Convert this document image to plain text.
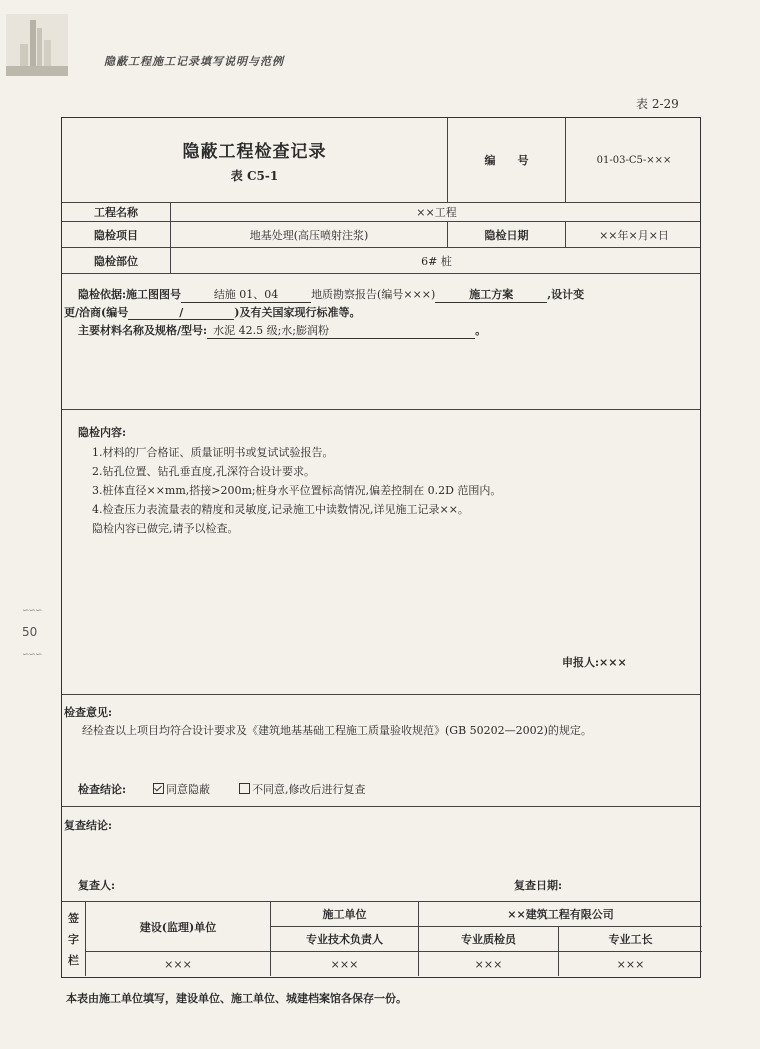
隐蔽工程施工记录填写说明与范例
表 2-29
∽∽∽
50
∽∽∽
隐蔽工程检查记录
表 C5-1
编　　号	01-03-C5-×××
工程名称	××工程
隐检项目	地基处理(高压喷射注浆)	隐检日期	××年×月×日
隐检部位	6# 桩
隐检依据:施工图图号	结施 01、04	地质勘察报告(编号×××)	施工方案	,设计变
更/洽商(编号	/	)及有关国家现行标准等。
主要材料名称及规格/型号: 水泥 42.5 级;水;膨润粉	。
隐检内容:
1.材料的厂合格证、质量证明书或复试试验报告。
2.钻孔位置、钻孔垂直度,孔深符合设计要求。
3.桩体直径××mm,搭接>200m;桩身水平位置标高情况,偏差控制在 0.2D 范围内。
4.检查压力表流量表的精度和灵敏度,记录施工中读数情况,详见施工记录××。
隐检内容已做完,请予以检查。
申报人:×××
检查意见:
经检查以上项目均符合设计要求及《建筑地基基础工程施工质量验收规范》(GB 50202—2002)的规定。
检查结论:	同意隐蔽	不同意,修改后进行复查
复查结论:
复查人:	复查日期:
签
字
栏
建设(监理)单位
施工单位	××建筑工程有限公司
专业技术负责人	专业质检员	专业工长
×××	×××	×××	×××
本表由施工单位填写，建设单位、施工单位、城建档案馆各保存一份。
